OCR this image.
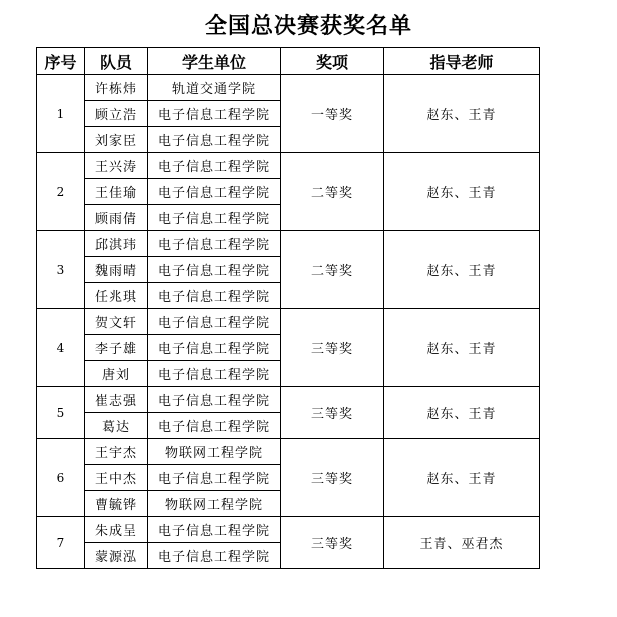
全国总决赛获奖名单
序号	队员	学生单位	奖项	指导老师
1	许栋炜	轨道交通学院	一等奖	赵东、王青
	顾立浩	电子信息工程学院		
	刘家臣	电子信息工程学院		
2	王兴涛	电子信息工程学院	二等奖	赵东、王青
	王佳瑜	电子信息工程学院		
	顾雨倩	电子信息工程学院		
3	邱淇玮	电子信息工程学院	二等奖	赵东、王青
	魏雨晴	电子信息工程学院		
	任兆琪	电子信息工程学院		
4	贺文轩	电子信息工程学院	三等奖	赵东、王青
	李子雄	电子信息工程学院		
	唐刘	电子信息工程学院		
5	崔志强	电子信息工程学院	三等奖	赵东、王青
	葛达	电子信息工程学院		
6	王宇杰	物联网工程学院	三等奖	赵东、王青
	王中杰	电子信息工程学院		
	曹毓铧	物联网工程学院		
7	朱成呈	电子信息工程学院	三等奖	王青、巫君杰
	蒙源泓	电子信息工程学院		
